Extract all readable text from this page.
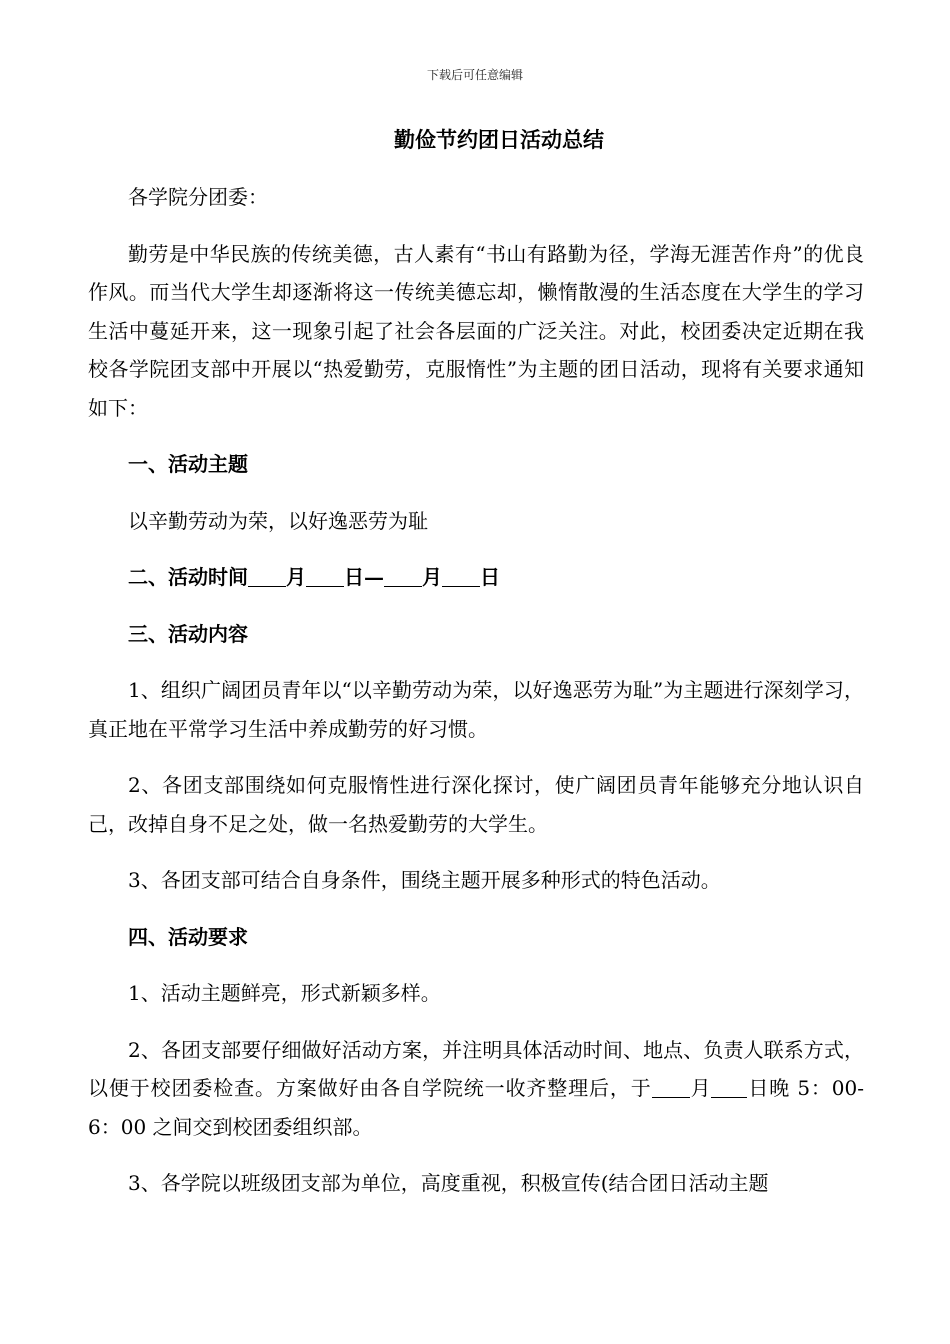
下载后可任意编辑
勤俭节约团日活动总结

各学院分团委：

勤劳是中华民族的传统美德，古人素有“书山有路勤为径，学海无涯苦作舟”的优良作风。而当代大学生却逐渐将这一传统美德忘却，懒惰散漫的生活态度在大学生的学习生活中蔓延开来，这一现象引起了社会各层面的广泛关注。对此，校团委决定近期在我校各学院团支部中开展以“热爱勤劳，克服惰性”为主题的团日活动，现将有关要求通知如下：

一、活动主题

以辛勤劳动为荣，以好逸恶劳为耻

二、活动时间 月 日— 月 日

三、活动内容

1、组织广阔团员青年以“以辛勤劳动为荣，以好逸恶劳为耻”为主题进行深刻学习，真正地在平常学习生活中养成勤劳的好习惯。

2、各团支部围绕如何克服惰性进行深化探讨，使广阔团员青年能够充分地认识自己，改掉自身不足之处，做一名热爱勤劳的大学生。

3、各团支部可结合自身条件，围绕主题开展多种形式的特色活动。

四、活动要求

1、活动主题鲜亮，形式新颖多样。

2、各团支部要仔细做好活动方案，并注明具体活动时间、地点、负责人联系方式，以便于校团委检查。方案做好由各自学院统一收齐整理后，于 月 日晚 5：00-6：00 之间交到校团委组织部。

3、各学院以班级团支部为单位，高度重视，积极宣传(结合团日活动主题
